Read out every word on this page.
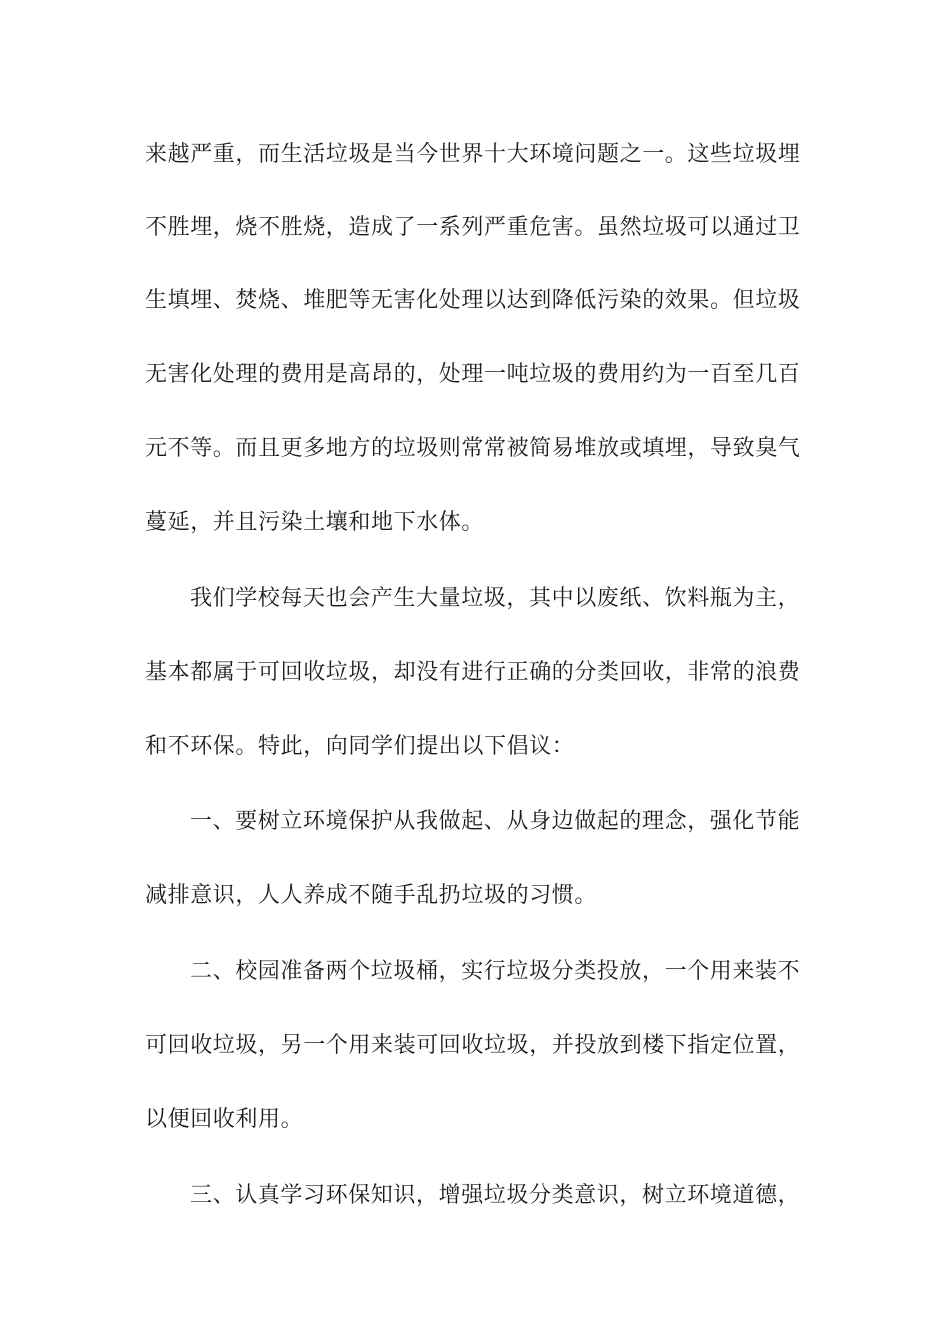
来越严重，而生活垃圾是当今世界十大环境问题之一。这些垃圾埋
不胜埋，烧不胜烧，造成了一系列严重危害。虽然垃圾可以通过卫
生填埋、焚烧、堆肥等无害化处理以达到降低污染的效果。但垃圾
无害化处理的费用是高昂的，处理一吨垃圾的费用约为一百至几百
元不等。而且更多地方的垃圾则常常被简易堆放或填埋，导致臭气
蔓延，并且污染土壤和地下水体。
我们学校每天也会产生大量垃圾，其中以废纸、饮料瓶为主，
基本都属于可回收垃圾，却没有进行正确的分类回收，非常的浪费
和不环保。特此，向同学们提出以下倡议：
一、要树立环境保护从我做起、从身边做起的理念，强化节能
减排意识，人人养成不随手乱扔垃圾的习惯。
二、校园准备两个垃圾桶，实行垃圾分类投放，一个用来装不
可回收垃圾，另一个用来装可回收垃圾，并投放到楼下指定位置，
以便回收利用。
三、认真学习环保知识，增强垃圾分类意识，树立环境道德，
